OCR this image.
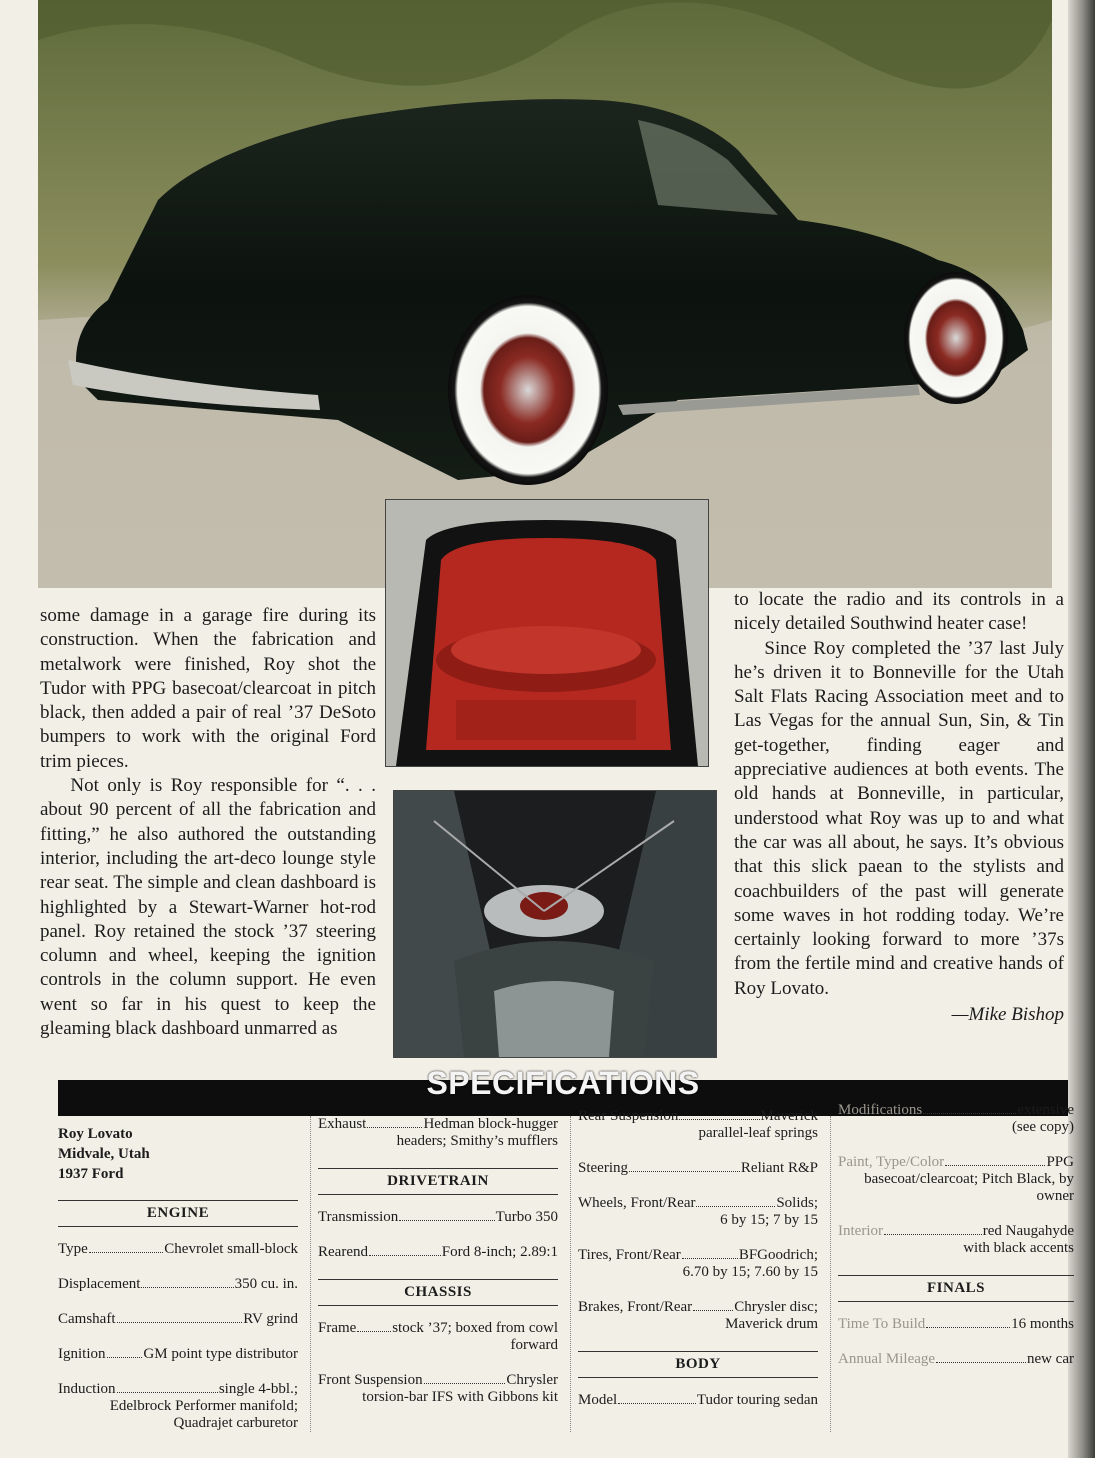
some damage in a garage fire during its construction. When the fabrication and metalwork were finished, Roy shot the Tudor with PPG basecoat/clearcoat in pitch black, then added a pair of real ’37 DeSoto bumpers to work with the original Ford trim pieces.

Not only is Roy responsible for “. . . about 90 percent of all the fabrication and fitting,” he also authored the outstanding interior, including the art-deco lounge style rear seat. The simple and clean dashboard is highlighted by a Stewart-Warner hot-rod panel. Roy retained the stock ’37 steering column and wheel, keeping the ignition controls in the column support. He even went so far in his quest to keep the gleaming black dashboard unmarred as

to locate the radio and its controls in a nicely detailed Southwind heater case!

Since Roy completed the ’37 last July he’s driven it to Bonneville for the Utah Salt Flats Racing Association meet and to Las Vegas for the annual Sun, Sin, & Tin get-together, finding eager and appreciative audiences at both events. The old hands at Bonneville, in particular, understood what Roy was up to and what the car was all about, he says. It’s obvious that this slick paean to the stylists and coachbuilders of the past will generate some waves in hot rodding today. We’re certainly looking forward to more ’37s from the fertile mind and creative hands of Roy Lovato.

—Mike Bishop
SPECIFICATIONS
Roy Lovato
Midvale, Utah
1937 Ford
ENGINE
Type	Chevrolet small-block
Displacement	350 cu. in.
Camshaft	RV grind
Ignition	GM point type distributor
Induction	single 4-bbl.;
Edelbrock Performer manifold; Quadrajet carburetor
Exhaust	Hedman block-hugger
headers; Smithy’s mufflers
DRIVETRAIN
Transmission	Turbo 350
Rearend	Ford 8-inch; 2.89:1
CHASSIS
Frame stock ’37; boxed from cowl
forward
Front Suspension	Chrysler
torsion-bar IFS with Gibbons kit
Rear Suspension	Maverick
parallel-leaf springs
Steering	Reliant R&P
Wheels, Front/Rear	Solids;
6 by 15; 7 by 15
Tires, Front/Rear	BFGoodrich;
6.70 by 15; 7.60 by 15
Brakes, Front/Rear	Chrysler disc;
Maverick drum
BODY
Model	Tudor touring sedan
Modifications	extensive
(see copy)
Paint, Type/Color	PPG
basecoat/clearcoat; Pitch Black, by owner
Interior	red Naugahyde
with black accents
FINALS
Time To Build	16 months
Annual Mileage	new car
